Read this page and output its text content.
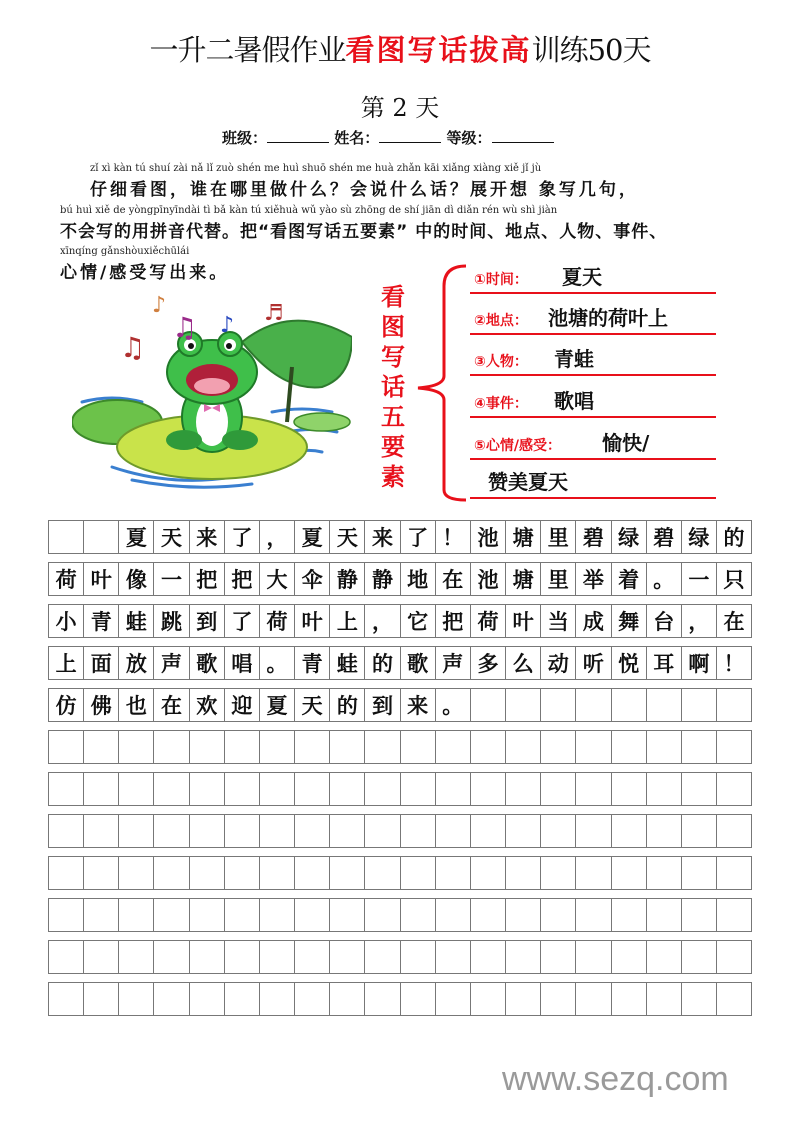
一升二暑假作业看图写话拔高训练50天
第 2 天
班级：	姓名：	等级：
zǐ xì kàn tú shuí zài nǎ lǐ zuò shén me huì shuō shén me huà zhǎn kāi xiǎng xiàng xiě jǐ jù
仔细看图，谁在哪里做什么？会说什么话？展开想 象写几句，
bú huì xiě de yòngpīnyīndài tì bǎ kàn tú xiěhuà wǔ yào sù zhōng de shí jiān dì diǎn rén wù shì jiàn
不会写的用拼音代替。把“看图写话五要素” 中的时间、地点、人物、事件、
xīnqíng gǎnshòuxiěchūlái
心情/感受写出来。
♫
♫ ♪
♪	♬
看
图
写
话
五
要
素
①时间： 夏天
②地点： 池塘的荷叶上
③人物： 青蛙
④事件： 歌唱
⑤心情/感受： 愉快/
赞美夏天
夏 天 来 了 ， 夏 天 来 了 ！ 池 塘 里 碧 绿 碧 绿 的
荷 叶 像 一 把 把 大 伞 静 静 地 在 池 塘 里 举 着 。 一 只
小 青 蛙 跳 到 了 荷 叶 上 ， 它 把 荷 叶 当 成 舞 台 ， 在
上 面 放 声 歌 唱 。 青 蛙 的 歌 声 多 么 动 听 悦 耳 啊 ！
仿 佛 也 在 欢 迎 夏 天 的 到 来 。
www.sezq.com
